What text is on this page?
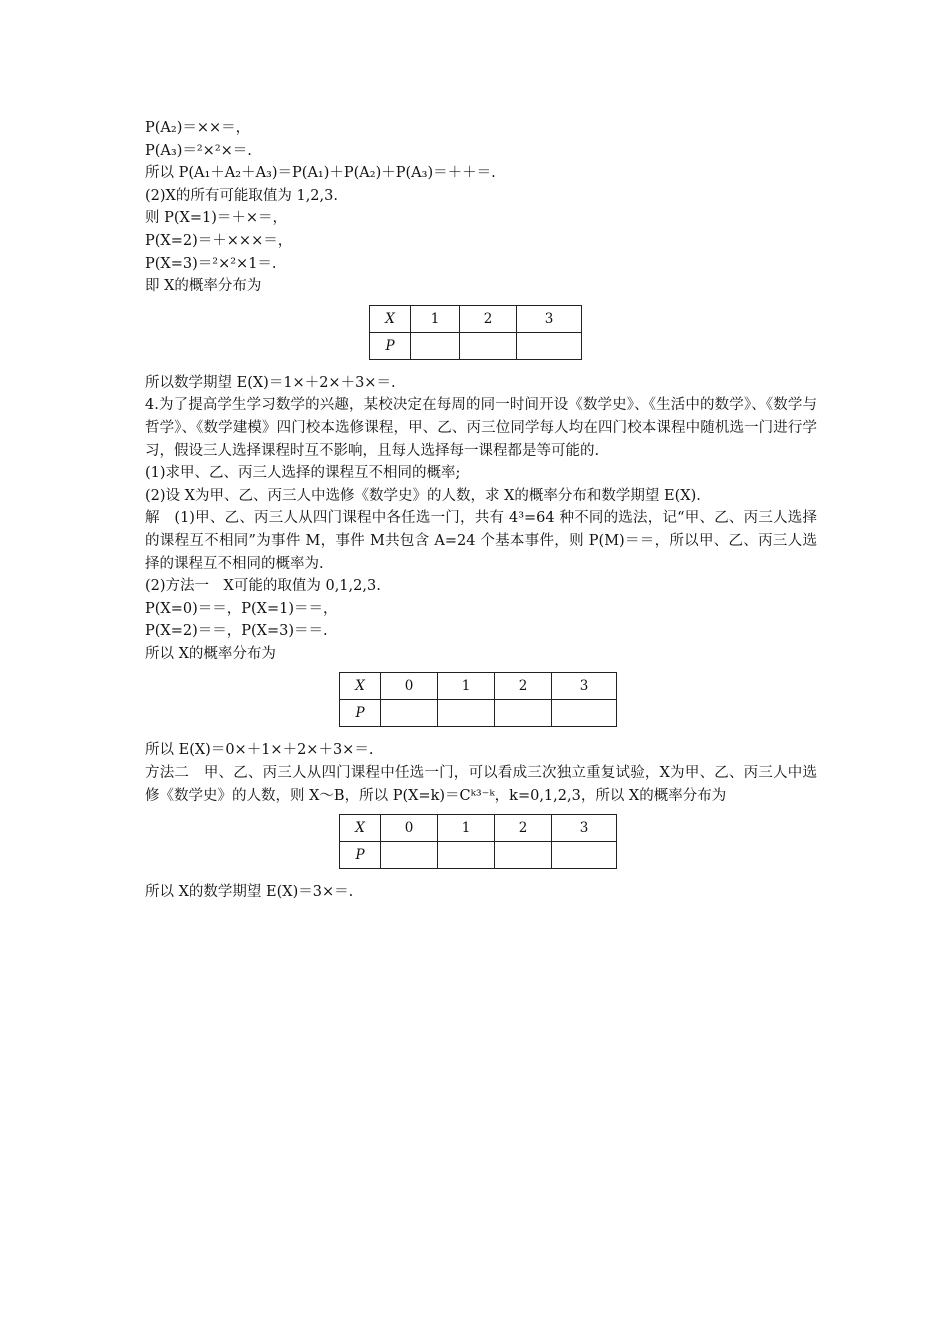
P(A₂)＝××＝，
P(A₃)＝²×²×＝.
所以 P(A₁＋A₂＋A₃)＝P(A₁)＋P(A₂)＋P(A₃)＝＋＋＝.
(2)X的所有可能取值为 1,2,3.
则 P(X=1)＝＋×＝，
P(X=2)＝＋×××＝，
P(X=3)＝²×²×1＝.
即 X的概率分布为
X	1	2	3
P			
所以数学期望 E(X)＝1×＋2×＋3×＝.
4.为了提高学生学习数学的兴趣，某校决定在每周的同一时间开设《数学史》、《生活中的数学》、《数学与哲学》、《数学建模》四门校本选修课程，甲、乙、丙三位同学每人均在四门校本课程中随机选一门进行学习，假设三人选择课程时互不影响，且每人选择每一课程都是等可能的.
(1)求甲、乙、丙三人选择的课程互不相同的概率;
(2)设 X为甲、乙、丙三人中选修《数学史》的人数，求 X的概率分布和数学期望 E(X).
解　(1)甲、乙、丙三人从四门课程中各任选一门，共有 4³=64 种不同的选法，记“甲、乙、丙三人选择的课程互不相同”为事件 M，事件 M共包含 A=24 个基本事件，则 P(M)＝＝，所以甲、乙、丙三人选择的课程互不相同的概率为.
(2)方法一　X可能的取值为 0,1,2,3.
P(X=0)＝＝，P(X=1)＝＝，
P(X=2)＝＝，P(X=3)＝＝.
所以 X的概率分布为
X	0	1	2	3
P				
所以 E(X)＝0×＋1×＋2×＋3×＝.
方法二　甲、乙、丙三人从四门课程中任选一门，可以看成三次独立重复试验，X为甲、乙、丙三人中选修《数学史》的人数，则 X～B，所以 P(X=k)＝Cᵏ³⁻ᵏ，k=0,1,2,3，所以 X的概率分布为
X	0	1	2	3
P				
所以 X的数学期望 E(X)＝3×＝.
